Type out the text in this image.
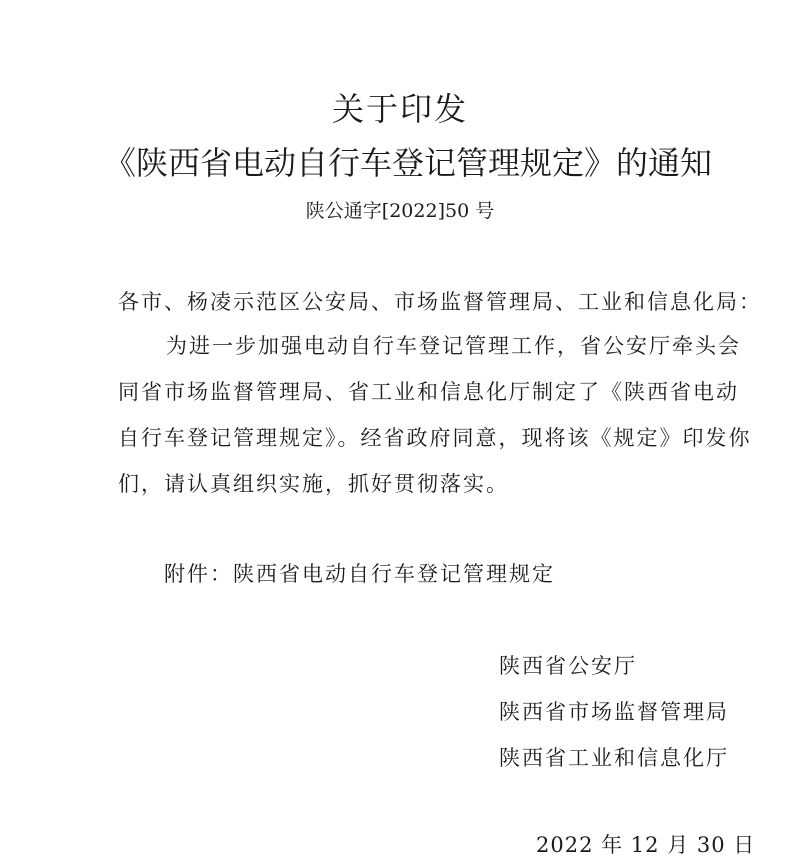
关于印发
《陕西省电动自行车登记管理规定》的通知
陕公通字[2022]50 号
各市、杨凌示范区公安局、市场监督管理局、工业和信息化局：
为进一步加强电动自行车登记管理工作，省公安厅牵头会
同省市场监督管理局、省工业和信息化厅制定了《陕西省电动
自行车登记管理规定》。经省政府同意，现将该《规定》印发你
们，请认真组织实施，抓好贯彻落实。
附件：陕西省电动自行车登记管理规定
陕西省公安厅
陕西省市场监督管理局
陕西省工业和信息化厅
2022 年 12 月 30 日
